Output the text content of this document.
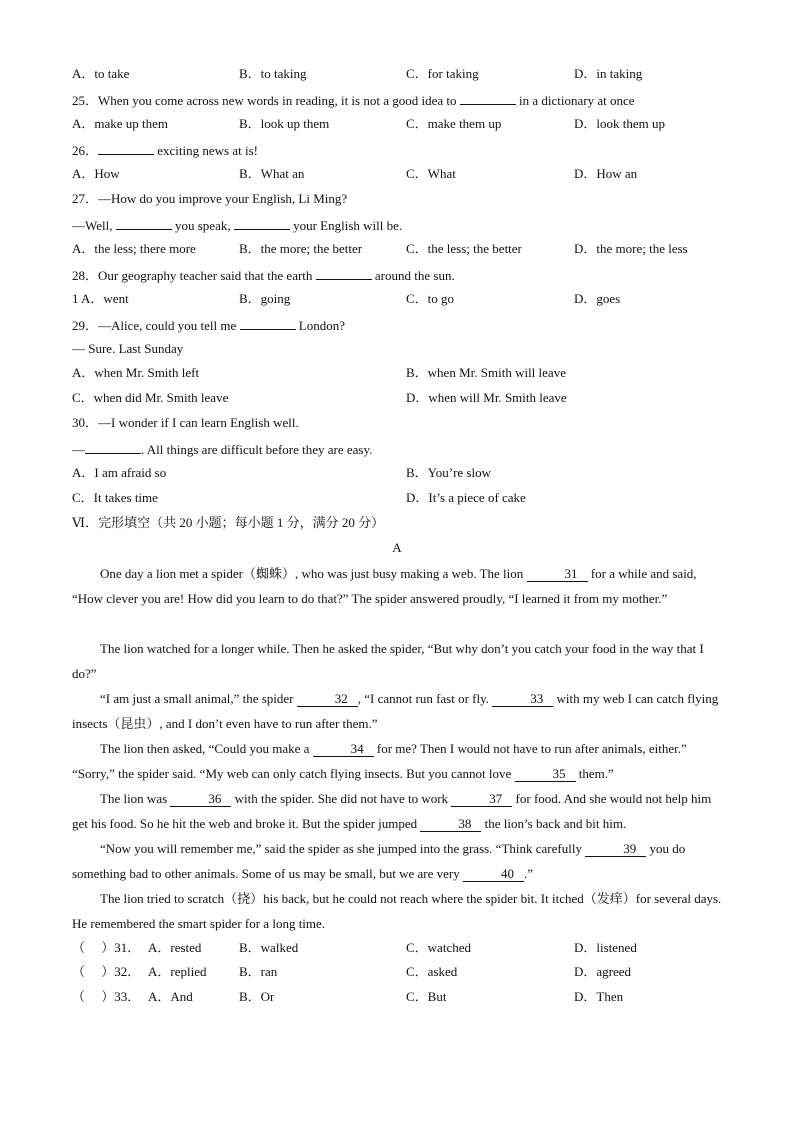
A．to take	B．to taking	C．for taking	D．in taking
25．When you come across new words in reading, it is not a good idea to	in a dictionary at once
A．make up them	B．look up them	C．make them up	D．look them up
26．	exciting news at is!
A．How	B．What an	C．What	D．How an
27．—How do you improve your English, Li Ming?
—Well,	you speak,	your English will be.
A．the less; there more	B．the more; the better	C．the less; the better	D．the more; the less
28．Our geography teacher said that the earth	around the sun.
1 A．went	B．going	C．to go	D．goes
29．—Alice, could you tell me	London?
— Sure. Last Sunday
A．when Mr. Smith left	B．when Mr. Smith will leave
C．when did Mr. Smith leave	D．when will Mr. Smith leave
30．—I wonder if I can learn English well.
—	. All things are difficult before they are easy.
A．I am afraid so	B．You’re slow
C．It takes time	D．It’s a piece of cake
Ⅵ．完形填空（共 20 小题；每小题 1 分，满分 20 分）
A
One day a lion met a spider（蜘蛛）, who was just busy making a web. The lion	31 for a while and said, “How clever you are! How did you learn to do that?” The spider answered proudly, “I learned it from my mother.”
The lion watched for a longer while. Then he asked the spider, “But why don’t you catch your food in the way that I do?”
“I am just a small animal,” the spider	32 , “I cannot run fast or fly.	33 with my web I can catch flying insects（昆虫）, and I don’t even have to run after them.”
The lion then asked, “Could you make a	34 for me? Then I would not have to run after animals, either.” “Sorry,” the spider said. “My web can only catch flying insects. But you cannot love	35 them.”
The lion was	36 with the spider. She did not have to work	37 for food. And she would not help him get his food. So he hit the web and broke it. But the spider jumped	38 the lion’s back and bit him.
“Now you will remember me,” said the spider as she jumped into the grass. “Think carefully	39 you do something bad to other animals. Some of us may be small, but we are very	40 .”
The lion tried to scratch（挠）his back, but he could not reach where the spider bit. It itched（发痒）for several days. He remembered the smart spider for a long time.
（　 ）31． A．rested	B．walked	C．watched	D．listened
（　 ）32． A．replied	B．ran	C．asked	D．agreed
（　 ）33． A．And	B．Or	C．But	D．Then
